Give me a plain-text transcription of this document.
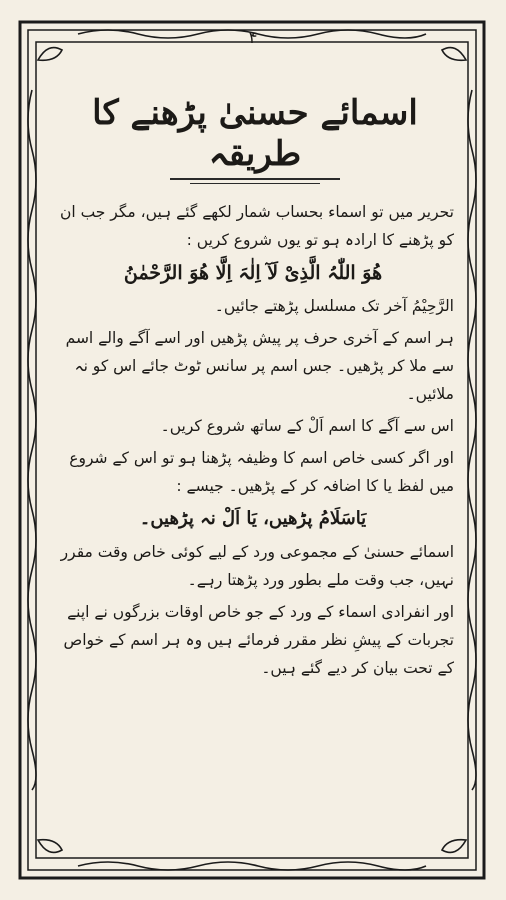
۴
اسمائے حسنیٰ پڑھنے کا طریقہ

تحریر میں تو اسماء بحساب شمار لکھے گئے ہیں، مگر جب ان کو پڑھنے کا ارادہ ہو تو یوں شروع کریں :

ھُوَ اللّٰہُ الَّذِیْ لَآ اِلٰہَ اِلَّا ھُوَ الرَّحْمٰنُ

الرَّحِیْمُ آخر تک مسلسل پڑھتے جائیں۔

ہر اسم کے آخری حرف پر پیش پڑھیں اور اسے آگے والے اسم سے ملا کر پڑھیں۔ جس اسم پر سانس ٹوٹ جائے اس کو نہ ملائیں۔

اس سے آگے کا اسم اَلْ کے ساتھ شروع کریں۔

اور اگر کسی خاص اسم کا وظیفہ پڑھنا ہو تو اس کے شروع میں لفظ یا کا اضافہ کر کے پڑھیں۔ جیسے :

یَاسَلَامُ پڑھیں، یَا اَلْ نہ پڑھیں۔

اسمائے حسنیٰ کے مجموعی ورد کے لیے کوئی خاص وقت مقرر نہیں، جب وقت ملے بطور ورد پڑھتا رہے۔

اور انفرادی اسماء کے ورد کے جو خاص اوقات بزرگوں نے اپنے تجربات کے پیشِ نظر مقرر فرمائے ہیں وہ ہر اسم کے خواص کے تحت بیان کر دیے گئے ہیں۔
